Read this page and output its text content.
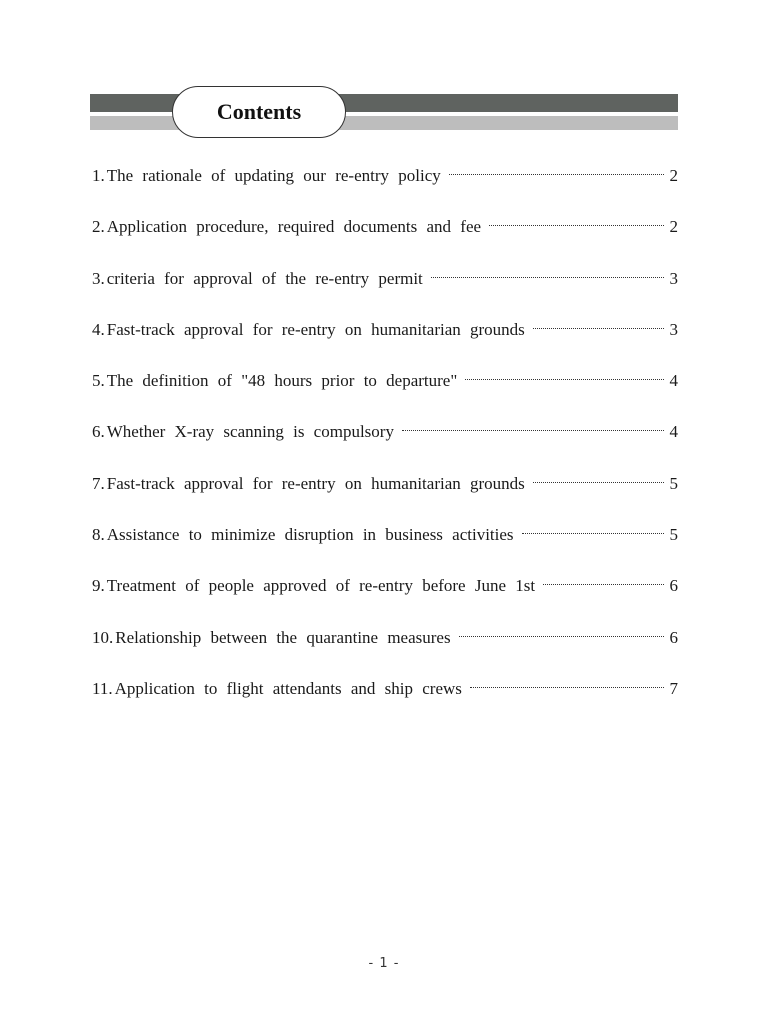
Contents
1. The rationale of updating our re-entry policy	2
2. Application procedure, required documents and fee	2
3. criteria for approval of the re-entry permit	3
4. Fast-track approval for re-entry on humanitarian grounds	3
5. The definition of "48 hours prior to departure"	4
6. Whether X-ray scanning is compulsory	4
7. Fast-track approval for re-entry on humanitarian grounds	5
8. Assistance to minimize disruption in business activities	5
9. Treatment of people approved of re-entry before June 1st	6
10. Relationship between the quarantine measures	6
11. Application to flight attendants and ship crews	7
- 1 -
